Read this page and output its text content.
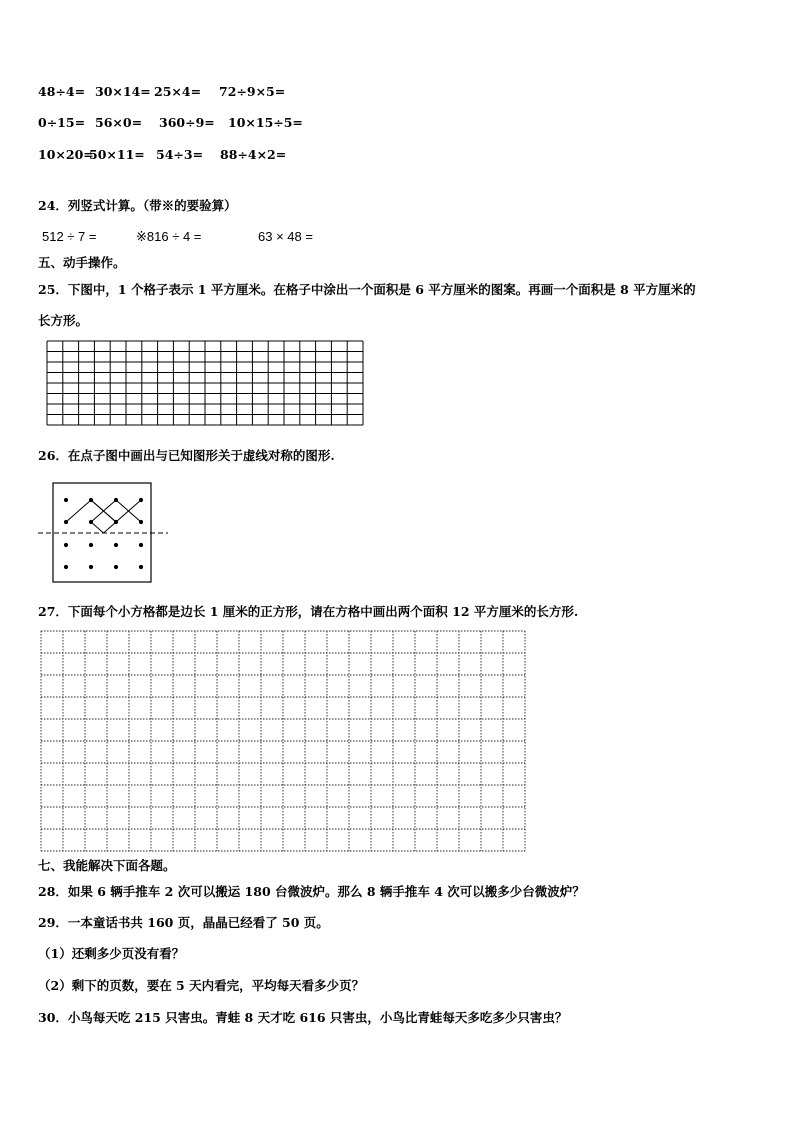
48÷4= 30×14= 25×4= 72÷9×5=
0÷15= 56×0= 360÷9= 10×15÷5=
10×20=50×11= 54÷3= 88÷4×2=
24．列竖式计算。（带※的要验算）
512 ÷ 7 =	※816 ÷ 4 =	63 × 48 =
五、动手操作。
25．下图中，1 个格子表示 1 平方厘米。在格子中涂出一个面积是 6 平方厘米的图案。再画一个面积是 8 平方厘米的
长方形。
26．在点子图中画出与已知图形关于虚线对称的图形.
27．下面每个小方格都是边长 1 厘米的正方形，请在方格中画出两个面积 12 平方厘米的长方形.
七、我能解决下面各题。
28．如果 6 辆手推车 2 次可以搬运 180 台微波炉。那么 8 辆手推车 4 次可以搬多少台微波炉？
29．一本童话书共 160 页，晶晶已经看了 50 页。
（1）还剩多少页没有看？
（2）剩下的页数，要在 5 天内看完，平均每天看多少页？
30．小鸟每天吃 215 只害虫。青蛙 8 天才吃 616 只害虫，小鸟比青蛙每天多吃多少只害虫？
